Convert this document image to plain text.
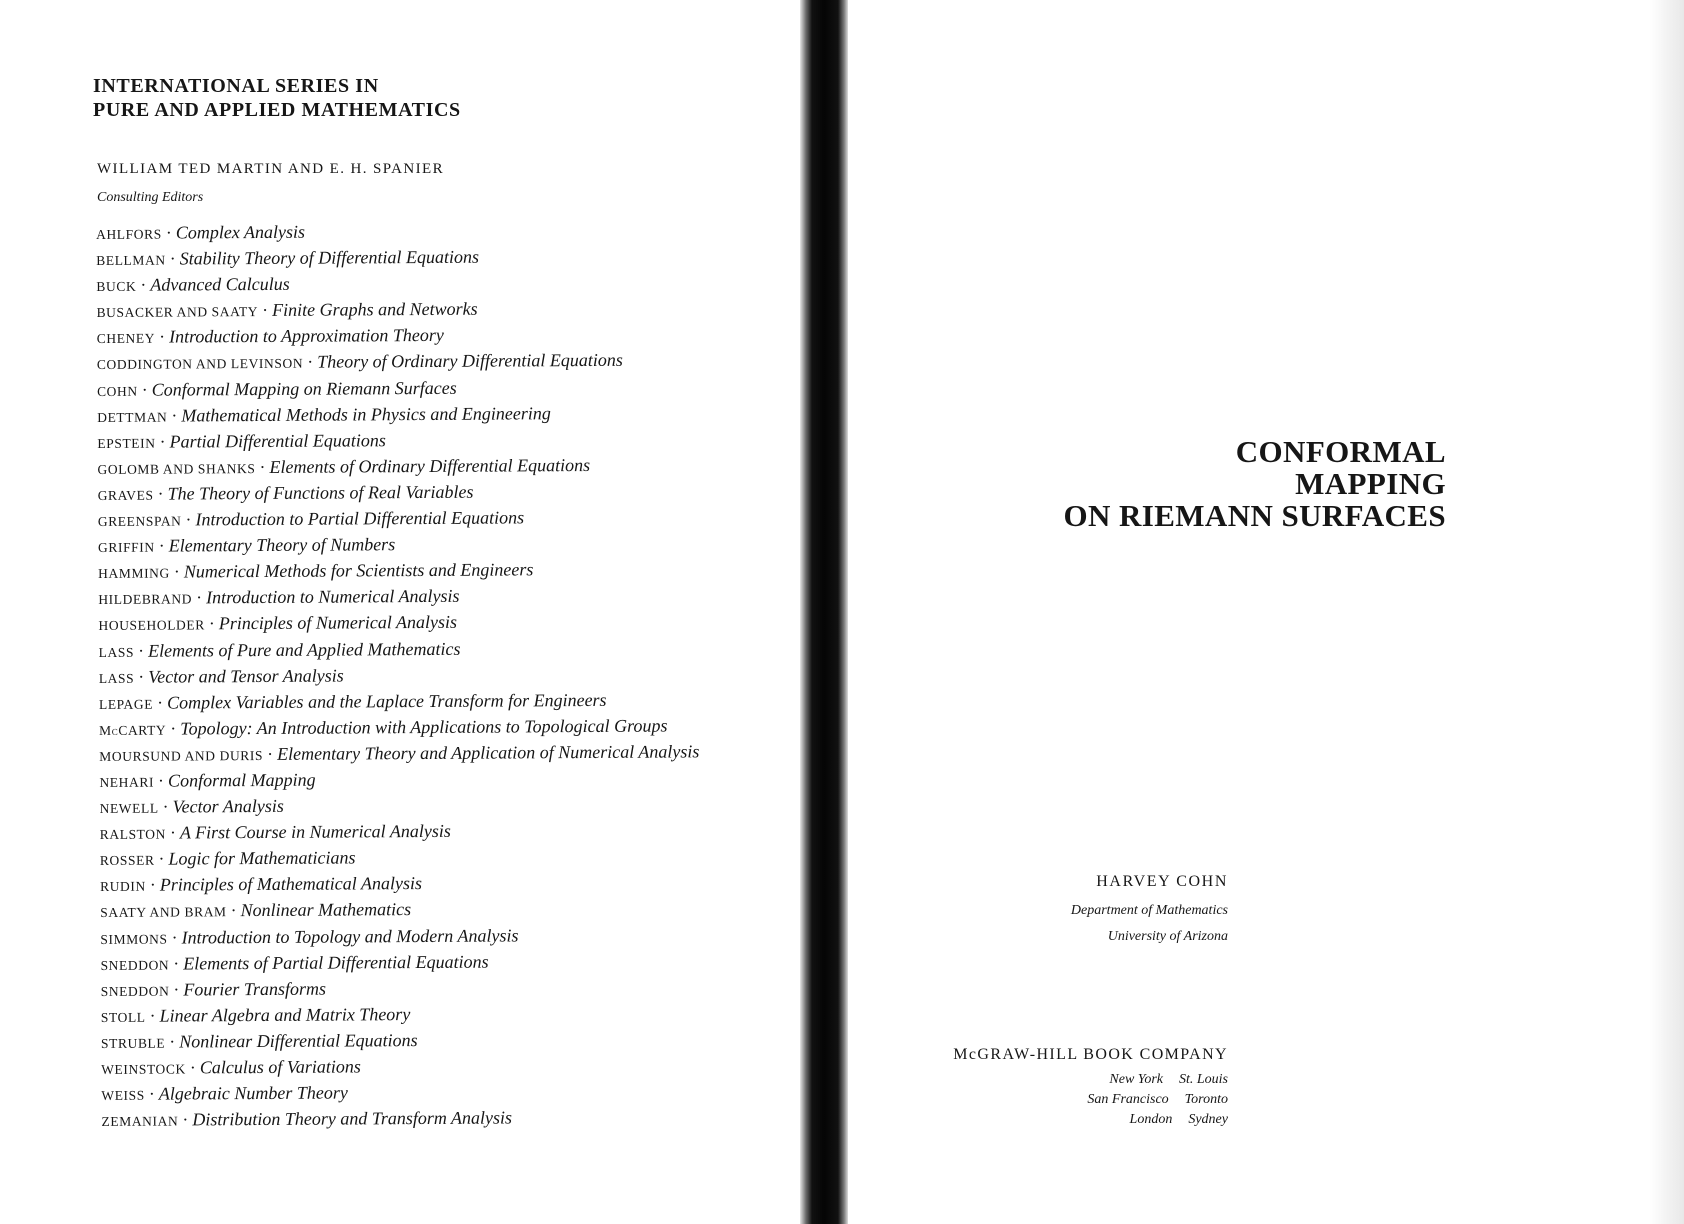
INTERNATIONAL SERIES IN
PURE AND APPLIED MATHEMATICS
WILLIAM TED MARTIN AND E. H. SPANIER
Consulting Editors
AHLFORS · Complex Analysis
BELLMAN · Stability Theory of Differential Equations
BUCK · Advanced Calculus
BUSACKER AND SAATY · Finite Graphs and Networks
CHENEY · Introduction to Approximation Theory
CODDINGTON AND LEVINSON · Theory of Ordinary Differential Equations
COHN · Conformal Mapping on Riemann Surfaces
DETTMAN · Mathematical Methods in Physics and Engineering
EPSTEIN · Partial Differential Equations
GOLOMB AND SHANKS · Elements of Ordinary Differential Equations
GRAVES · The Theory of Functions of Real Variables
GREENSPAN · Introduction to Partial Differential Equations
GRIFFIN · Elementary Theory of Numbers
HAMMING · Numerical Methods for Scientists and Engineers
HILDEBRAND · Introduction to Numerical Analysis
HOUSEHOLDER · Principles of Numerical Analysis
LASS · Elements of Pure and Applied Mathematics
LASS · Vector and Tensor Analysis
LEPAGE · Complex Variables and the Laplace Transform for Engineers
McCARTY · Topology: An Introduction with Applications to Topological Groups
MOURSUND AND DURIS · Elementary Theory and Application of Numerical Analysis
NEHARI · Conformal Mapping
NEWELL · Vector Analysis
RALSTON · A First Course in Numerical Analysis
ROSSER · Logic for Mathematicians
RUDIN · Principles of Mathematical Analysis
SAATY AND BRAM · Nonlinear Mathematics
SIMMONS · Introduction to Topology and Modern Analysis
SNEDDON · Elements of Partial Differential Equations
SNEDDON · Fourier Transforms
STOLL · Linear Algebra and Matrix Theory
STRUBLE · Nonlinear Differential Equations
WEINSTOCK · Calculus of Variations
WEISS · Algebraic Number Theory
ZEMANIAN · Distribution Theory and Transform Analysis
CONFORMAL
MAPPING
ON RIEMANN SURFACES
HARVEY COHN
Department of Mathematics
University of Arizona
McGRAW-HILL BOOK COMPANY
New York St. Louis
San Francisco Toronto
London Sydney
